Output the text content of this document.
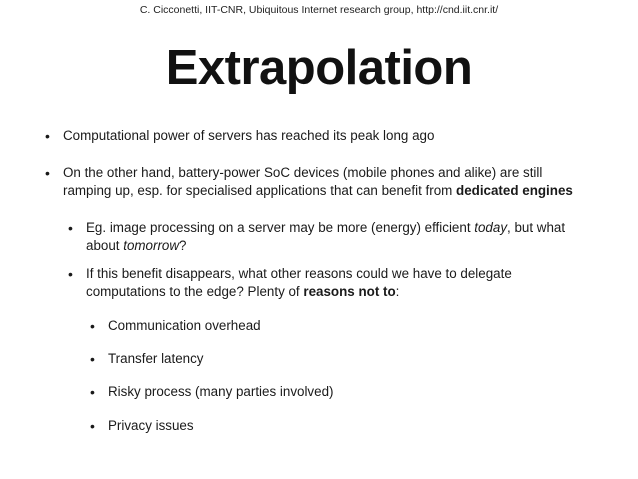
C. Cicconetti, IIT-CNR, Ubiquitous Internet research group, http://cnd.iit.cnr.it/
Extrapolation
• Computational power of servers has reached its peak long ago
• On the other hand, battery-power SoC devices (mobile phones and alike) are still
ramping up, esp. for specialised applications that can benefit from dedicated engines
• Eg. image processing on a server may be more (energy) efficient today, but what
about tomorrow?
• If this benefit disappears, what other reasons could we have to delegate
computations to the edge? Plenty of reasons not to:
• Communication overhead
• Transfer latency
• Risky process (many parties involved)
• Privacy issues
